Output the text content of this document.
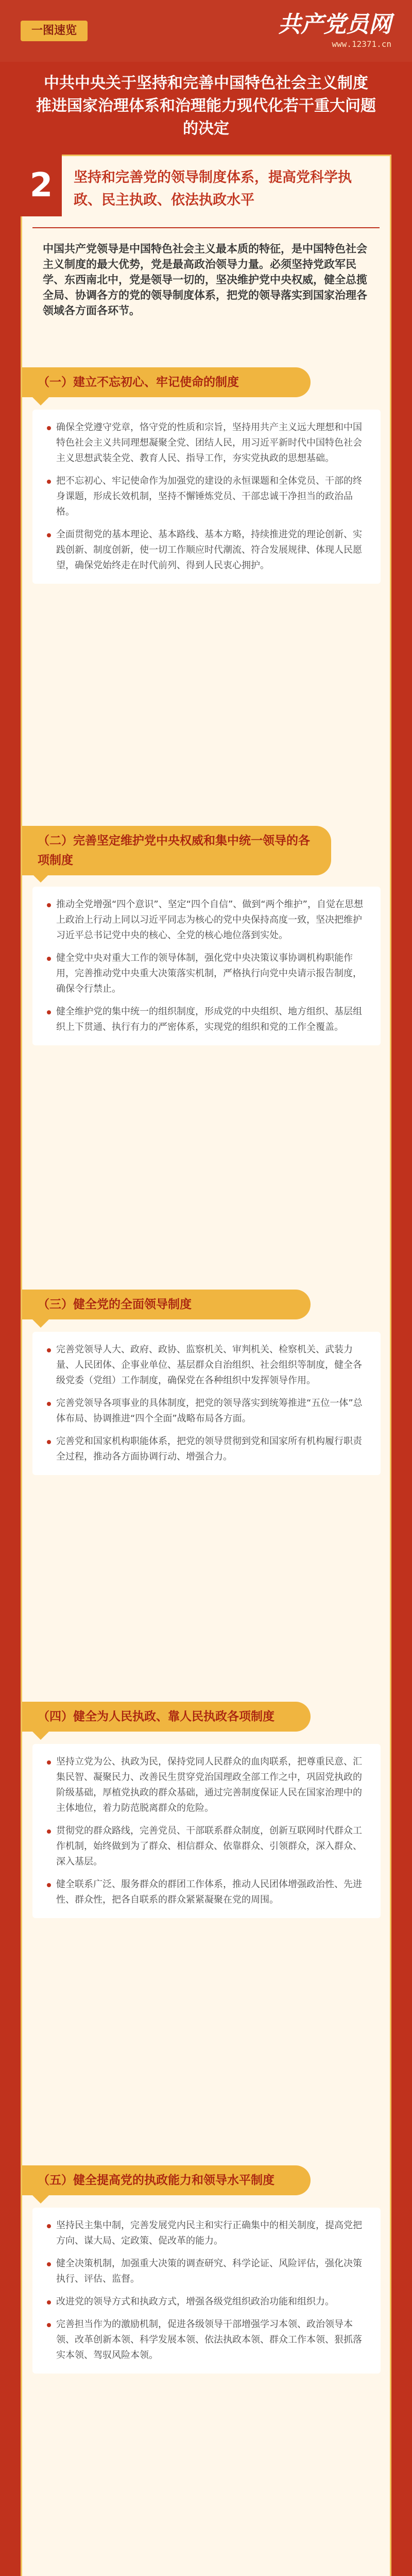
一图速览	共产党员网
www.12371.cn
中共中央关于坚持和完善中国特色社会主义制度
推进国家治理体系和治理能力现代化若干重大问题的决定
2	坚持和完善党的领导制度体系，提高党科学执政、民主执政、依法执政水平
中国共产党领导是中国特色社会主义最本质的特征，是中国特色社会主义制度的最大优势，党是最高政治领导力量。必须坚持党政军民学、东西南北中，党是领导一切的，坚决维护党中央权威，健全总揽全局、协调各方的党的领导制度体系，把党的领导落实到国家治理各领域各方面各环节。
（一）建立不忘初心、牢记使命的制度

确保全党遵守党章，恪守党的性质和宗旨，坚持用共产主义远大理想和中国特色社会主义共同理想凝聚全党、团结人民，用习近平新时代中国特色社会主义思想武装全党、教育人民、指导工作，夯实党执政的思想基础。

把不忘初心、牢记使命作为加强党的建设的永恒课题和全体党员、干部的终身课题，形成长效机制，坚持不懈锤炼党员、干部忠诚干净担当的政治品格。

全面贯彻党的基本理论、基本路线、基本方略，持续推进党的理论创新、实践创新、制度创新，使一切工作顺应时代潮流、符合发展规律、体现人民愿望，确保党始终走在时代前列、得到人民衷心拥护。

（二）完善坚定维护党中央权威和集中统一领导的各项制度

推动全党增强“四个意识”、坚定“四个自信”、做到“两个维护”，自觉在思想上政治上行动上同以习近平同志为核心的党中央保持高度一致，坚决把维护习近平总书记党中央的核心、全党的核心地位落到实处。

健全党中央对重大工作的领导体制，强化党中央决策议事协调机构职能作用，完善推动党中央重大决策落实机制，严格执行向党中央请示报告制度，确保令行禁止。

健全维护党的集中统一的组织制度，形成党的中央组织、地方组织、基层组织上下贯通、执行有力的严密体系，实现党的组织和党的工作全覆盖。

（三）健全党的全面领导制度

完善党领导人大、政府、政协、监察机关、审判机关、检察机关、武装力量、人民团体、企事业单位、基层群众自治组织、社会组织等制度，健全各级党委（党组）工作制度，确保党在各种组织中发挥领导作用。

完善党领导各项事业的具体制度，把党的领导落实到统筹推进“五位一体”总体布局、协调推进“四个全面”战略布局各方面。

完善党和国家机构职能体系，把党的领导贯彻到党和国家所有机构履行职责全过程，推动各方面协调行动、增强合力。

（四）健全为人民执政、靠人民执政各项制度

坚持立党为公、执政为民，保持党同人民群众的血肉联系，把尊重民意、汇集民智、凝聚民力、改善民生贯穿党治国理政全部工作之中，巩固党执政的阶级基础，厚植党执政的群众基础，通过完善制度保证人民在国家治理中的主体地位，着力防范脱离群众的危险。

贯彻党的群众路线，完善党员、干部联系群众制度，创新互联网时代群众工作机制，始终做到为了群众、相信群众、依靠群众、引领群众，深入群众、深入基层。

健全联系广泛、服务群众的群团工作体系，推动人民团体增强政治性、先进性、群众性，把各自联系的群众紧紧凝聚在党的周围。

（五）健全提高党的执政能力和领导水平制度

坚持民主集中制，完善发展党内民主和实行正确集中的相关制度，提高党把方向、谋大局、定政策、促改革的能力。

健全决策机制，加强重大决策的调查研究、科学论证、风险评估，强化决策执行、评估、监督。

改进党的领导方式和执政方式，增强各级党组织政治功能和组织力。

完善担当作为的激励机制，促进各级领导干部增强学习本领、政治领导本领、改革创新本领、科学发展本领、依法执政本领、群众工作本领、狠抓落实本领、驾驭风险本领。
